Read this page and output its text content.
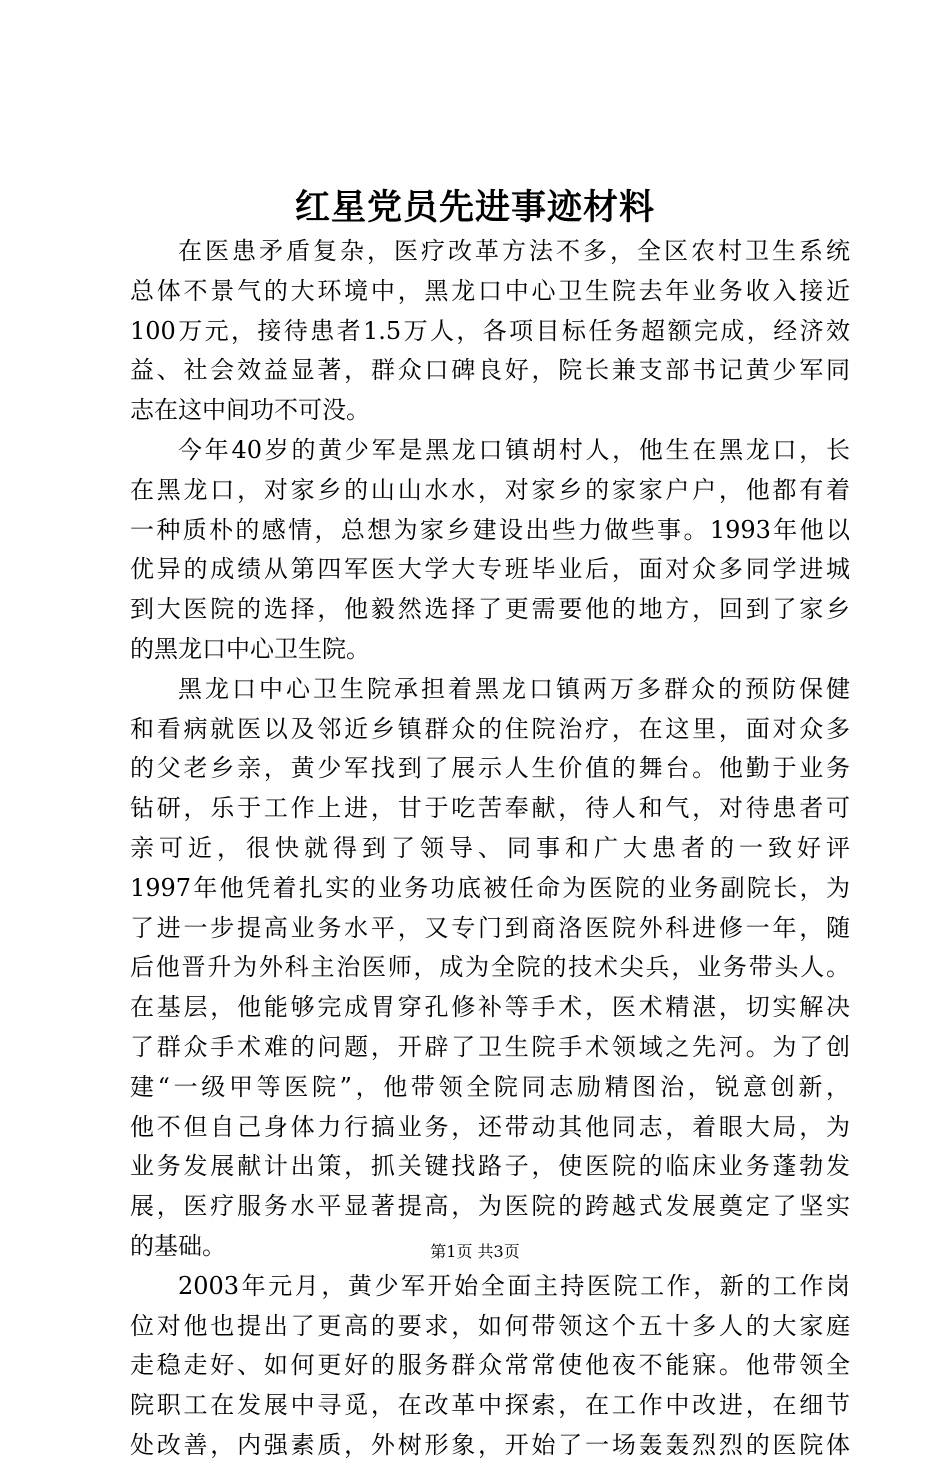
红星党员先进事迹材料
在医患矛盾复杂，医疗改革方法不多，全区农村卫生系统
总体不景气的大环境中，黑龙口中心卫生院去年业务收入接近
100万元，接待患者1.5万人，各项目标任务超额完成，经济效
益、社会效益显著，群众口碑良好，院长兼支部书记黄少军同
志在这中间功不可没。
今年40岁的黄少军是黑龙口镇胡村人，他生在黑龙口，长
在黑龙口，对家乡的山山水水，对家乡的家家户户，他都有着
一种质朴的感情，总想为家乡建设出些力做些事。1993年他以
优异的成绩从第四军医大学大专班毕业后，面对众多同学进城
到大医院的选择，他毅然选择了更需要他的地方，回到了家乡
的黑龙口中心卫生院。
黑龙口中心卫生院承担着黑龙口镇两万多群众的预防保健
和看病就医以及邻近乡镇群众的住院治疗，在这里，面对众多
的父老乡亲，黄少军找到了展示人生价值的舞台。他勤于业务
钻研，乐于工作上进，甘于吃苦奉献，待人和气，对待患者可
亲可近，很快就得到了领导、同事和广大患者的一致好评
1997年他凭着扎实的业务功底被任命为医院的业务副院长，为
了进一步提高业务水平，又专门到商洛医院外科进修一年，随
后他晋升为外科主治医师，成为全院的技术尖兵，业务带头人。
在基层，他能够完成胃穿孔修补等手术，医术精湛，切实解决
了群众手术难的问题，开辟了卫生院手术领域之先河。为了创
建“一级甲等医院”，他带领全院同志励精图治，锐意创新，
他不但自己身体力行搞业务，还带动其他同志，着眼大局，为
业务发展献计出策，抓关键找路子，使医院的临床业务蓬勃发
展，医疗服务水平显著提高，为医院的跨越式发展奠定了坚实
的基础。
2003年元月，黄少军开始全面主持医院工作，新的工作岗
位对他也提出了更高的要求，如何带领这个五十多人的大家庭
走稳走好、如何更好的服务群众常常使他夜不能寐。他带领全
院职工在发展中寻觅，在改革中探索，在工作中改进，在细节
处改善，内强素质，外树形象，开始了一场轰轰烈烈的医院体
第1页 共3页
